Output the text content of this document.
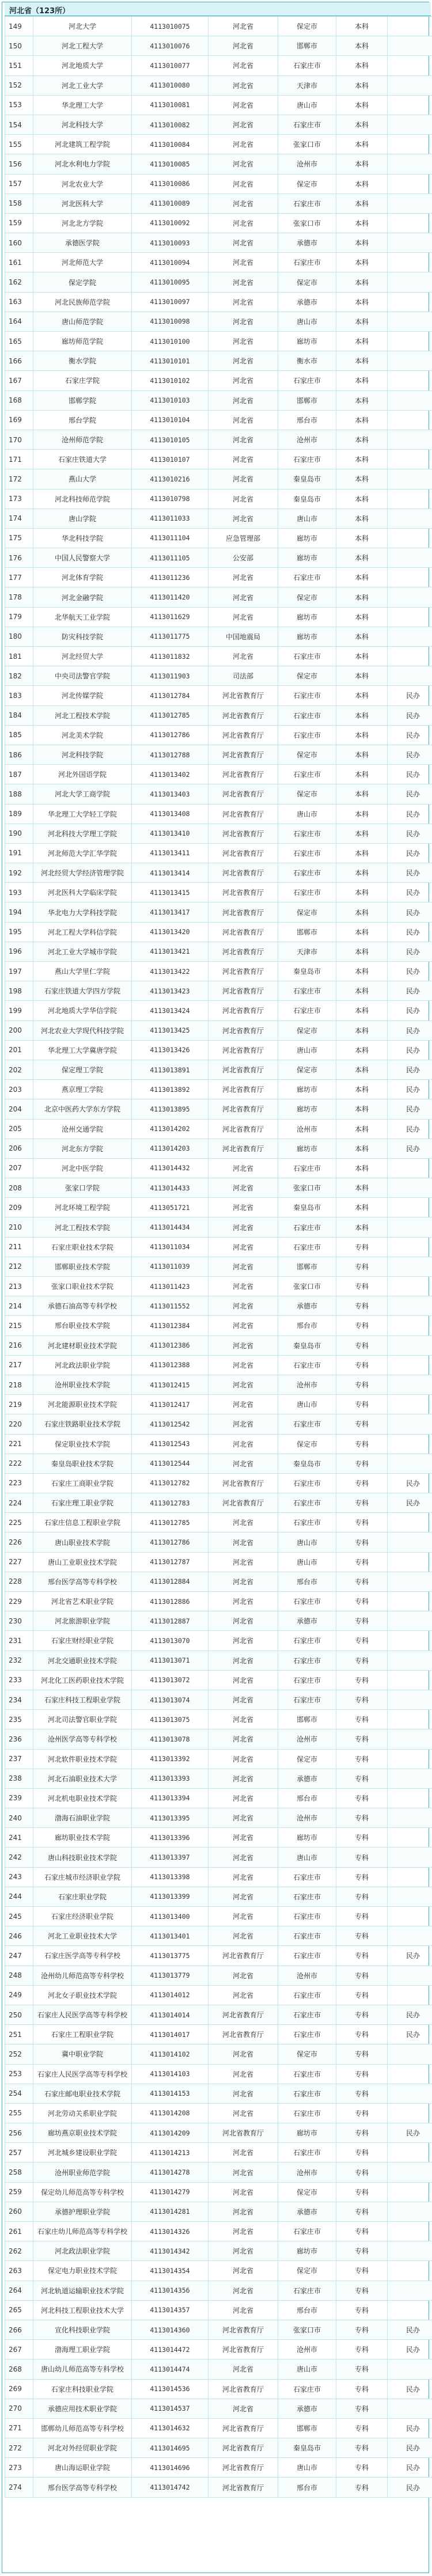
河北省（123所）
149	河北大学	4113010075	河北省	保定市	本科	
150	河北工程大学	4113010076	河北省	邯郸市	本科	
151	河北地质大学	4113010077	河北省	石家庄市	本科	
152	河北工业大学	4113010080	河北省	天津市	本科	
153	华北理工大学	4113010081	河北省	唐山市	本科	
154	河北科技大学	4113010082	河北省	石家庄市	本科	
155	河北建筑工程学院	4113010084	河北省	张家口市	本科	
156	河北水利电力学院	4113010085	河北省	沧州市	本科	
157	河北农业大学	4113010086	河北省	保定市	本科	
158	河北医科大学	4113010089	河北省	石家庄市	本科	
159	河北北方学院	4113010092	河北省	张家口市	本科	
160	承德医学院	4113010093	河北省	承德市	本科	
161	河北师范大学	4113010094	河北省	石家庄市	本科	
162	保定学院	4113010095	河北省	保定市	本科	
163	河北民族师范学院	4113010097	河北省	承德市	本科	
164	唐山师范学院	4113010098	河北省	唐山市	本科	
165	廊坊师范学院	4113010100	河北省	廊坊市	本科	
166	衡水学院	4113010101	河北省	衡水市	本科	
167	石家庄学院	4113010102	河北省	石家庄市	本科	
168	邯郸学院	4113010103	河北省	邯郸市	本科	
169	邢台学院	4113010104	河北省	邢台市	本科	
170	沧州师范学院	4113010105	河北省	沧州市	本科	
171	石家庄铁道大学	4113010107	河北省	石家庄市	本科	
172	燕山大学	4113010216	河北省	秦皇岛市	本科	
173	河北科技师范学院	4113010798	河北省	秦皇岛市	本科	
174	唐山学院	4113011033	河北省	唐山市	本科	
175	华北科技学院	4113011104	应急管理部	廊坊市	本科	
176	中国人民警察大学	4113011105	公安部	廊坊市	本科	
177	河北体育学院	4113011236	河北省	石家庄市	本科	
178	河北金融学院	4113011420	河北省	保定市	本科	
179	北华航天工业学院	4113011629	河北省	廊坊市	本科	
180	防灾科技学院	4113011775	中国地震局	廊坊市	本科	
181	河北经贸大学	4113011832	河北省	石家庄市	本科	
182	中央司法警官学院	4113011903	司法部	保定市	本科	
183	河北传媒学院	4113012784	河北省教育厅	石家庄市	本科	民办
184	河北工程技术学院	4113012785	河北省教育厅	石家庄市	本科	民办
185	河北美术学院	4113012786	河北省教育厅	石家庄市	本科	民办
186	河北科技学院	4113012788	河北省教育厅	保定市	本科	民办
187	河北外国语学院	4113013402	河北省教育厅	石家庄市	本科	民办
188	河北大学工商学院	4113013403	河北省教育厅	保定市	本科	民办
189	华北理工大学轻工学院	4113013408	河北省教育厅	唐山市	本科	民办
190	河北科技大学理工学院	4113013410	河北省教育厅	石家庄市	本科	民办
191	河北师范大学汇华学院	4113013411	河北省教育厅	石家庄市	本科	民办
192	河北经贸大学经济管理学院	4113013414	河北省教育厅	石家庄市	本科	民办
193	河北医科大学临床学院	4113013415	河北省教育厅	石家庄市	本科	民办
194	华北电力大学科技学院	4113013417	河北省教育厅	保定市	本科	民办
195	河北工程大学科信学院	4113013420	河北省教育厅	邯郸市	本科	民办
196	河北工业大学城市学院	4113013421	河北省教育厅	天津市	本科	民办
197	燕山大学里仁学院	4113013422	河北省教育厅	秦皇岛市	本科	民办
198	石家庄铁道大学四方学院	4113013423	河北省教育厅	石家庄市	本科	民办
199	河北地质大学华信学院	4113013424	河北省教育厅	石家庄市	本科	民办
200	河北农业大学现代科技学院	4113013425	河北省教育厅	保定市	本科	民办
201	华北理工大学冀唐学院	4113013426	河北省教育厅	唐山市	本科	民办
202	保定理工学院	4113013891	河北省教育厅	保定市	本科	民办
203	燕京理工学院	4113013892	河北省教育厅	廊坊市	本科	民办
204	北京中医药大学东方学院	4113013895	河北省教育厅	廊坊市	本科	民办
205	沧州交通学院	4113014202	河北省教育厅	沧州市	本科	民办
206	河北东方学院	4113014203	河北省教育厅	廊坊市	本科	民办
207	河北中医学院	4113014432	河北省	石家庄市	本科	
208	张家口学院	4113014433	河北省	张家口市	本科	
209	河北环境工程学院	4113051721	河北省	秦皇岛市	本科	
210	河北工程技术学院	4113014434	河北省	石家庄市	本科	
211	石家庄职业技术学院	4113011034	河北省	石家庄市	专科	
212	邯郸职业技术学院	4113011039	河北省	邯郸市	专科	
213	张家口职业技术学院	4113011423	河北省	张家口市	专科	
214	承德石油高等专科学校	4113011552	河北省	承德市	专科	
215	邢台职业技术学院	4113012384	河北省	邢台市	专科	
216	河北建材职业技术学院	4113012386	河北省	秦皇岛市	专科	
217	河北政法职业学院	4113012388	河北省	石家庄市	专科	
218	沧州职业技术学院	4113012415	河北省	沧州市	专科	
219	河北能源职业技术学院	4113012417	河北省	唐山市	专科	
220	石家庄铁路职业技术学院	4113012542	河北省	石家庄市	专科	
221	保定职业技术学院	4113012543	河北省	保定市	专科	
222	秦皇岛职业技术学院	4113012544	河北省	秦皇岛市	专科	
223	石家庄工商职业学院	4113012782	河北省教育厅	石家庄市	专科	民办
224	石家庄理工职业学院	4113012783	河北省教育厅	石家庄市	专科	民办
225	石家庄信息工程职业学院	4113012785	河北省	石家庄市	专科	
226	唐山职业技术学院	4113012786	河北省	唐山市	专科	
227	唐山工业职业技术学院	4113012787	河北省	唐山市	专科	
228	邢台医学高等专科学校	4113012884	河北省	邢台市	专科	
229	河北省艺术职业学院	4113012886	河北省	石家庄市	专科	
230	河北旅游职业学院	4113012887	河北省	承德市	专科	
231	石家庄财经职业学院	4113013070	河北省	石家庄市	专科	
232	河北交通职业技术学院	4113013071	河北省	石家庄市	专科	
233	河北化工医药职业技术学院	4113013072	河北省	石家庄市	专科	
234	石家庄科技工程职业学院	4113013074	河北省	石家庄市	专科	
235	河北司法警官职业学院	4113013075	河北省	邯郸市	专科	
236	沧州医学高等专科学校	4113013078	河北省	沧州市	专科	
237	河北软件职业技术学院	4113013392	河北省	保定市	专科	
238	河北石油职业技术大学	4113013393	河北省	承德市	专科	
239	河北机电职业技术学院	4113013394	河北省	邢台市	专科	
240	渤海石油职业学院	4113013395	河北省	沧州市	专科	
241	廊坊职业技术学院	4113013396	河北省	廊坊市	专科	
242	唐山科技职业技术学院	4113013397	河北省	唐山市	专科	
243	石家庄城市经济职业学院	4113013398	河北省	石家庄市	专科	
244	石家庄职业学院	4113013399	河北省	石家庄市	专科	
245	石家庄经济职业学院	4113013400	河北省	石家庄市	专科	
246	河北工业职业技术大学	4113013401	河北省	石家庄市	专科	
247	石家庄医学高等专科学校	4113013775	河北省教育厅	石家庄市	专科	民办
248	沧州幼儿师范高等专科学校	4113013779	河北省	沧州市	专科	
249	河北女子职业技术学院	4113014012	河北省	石家庄市	专科	
250	石家庄人民医学高等专科学校	4113014014	河北省教育厅	石家庄市	专科	民办
251	石家庄工程职业学院	4113014017	河北省教育厅	石家庄市	专科	民办
252	冀中职业学院	4113014102	河北省	保定市	专科	
253	石家庄人民医学高等专科学校	4113014103	河北省	石家庄市	专科	
254	石家庄邮电职业技术学院	4113014153	河北省	石家庄市	专科	
255	河北劳动关系职业学院	4113014208	河北省	石家庄市	专科	
256	廊坊燕京职业技术学院	4113014209	河北省教育厅	廊坊市	专科	民办
257	河北城乡建设职业学院	4113014213	河北省	石家庄市	专科	
258	沧州职业师范学院	4113014278	河北省	沧州市	专科	
259	保定幼儿师范高等专科学校	4113014279	河北省	保定市	专科	
260	承德护理职业学院	4113014281	河北省	承德市	专科	
261	石家庄幼儿师范高等专科学校	4113014326	河北省	石家庄市	专科	
262	河北政法职业学院	4113014342	河北省	廊坊市	专科	
263	保定电力职业技术学院	4113014354	河北省	保定市	专科	
264	河北轨道运输职业技术学院	4113014356	河北省	石家庄市	专科	
265	河北科技工程职业技术大学	4113014357	河北省	邢台市	专科	
266	宣化科技职业学院	4113014360	河北省教育厅	张家口市	专科	民办
267	渤海理工职业学院	4113014472	河北省教育厅	沧州市	专科	民办
268	唐山幼儿师范高等专科学校	4113014474	河北省	唐山市	专科	
269	石家庄科技职业学院	4113014536	河北省教育厅	石家庄市	专科	民办
270	承德应用技术职业学院	4113014537	河北省	承德市	专科	
271	邯郸幼儿师范高等专科学校	4113014632	河北省教育厅	邯郸市	专科	民办
272	河北对外经贸职业学院	4113014695	河北省教育厅	秦皇岛市	专科	民办
273	唐山海运职业学院	4113014696	河北省教育厅	唐山市	专科	民办
274	邢台医学高等专科学校	4113014742	河北省教育厅	邢台市	专科	民办
